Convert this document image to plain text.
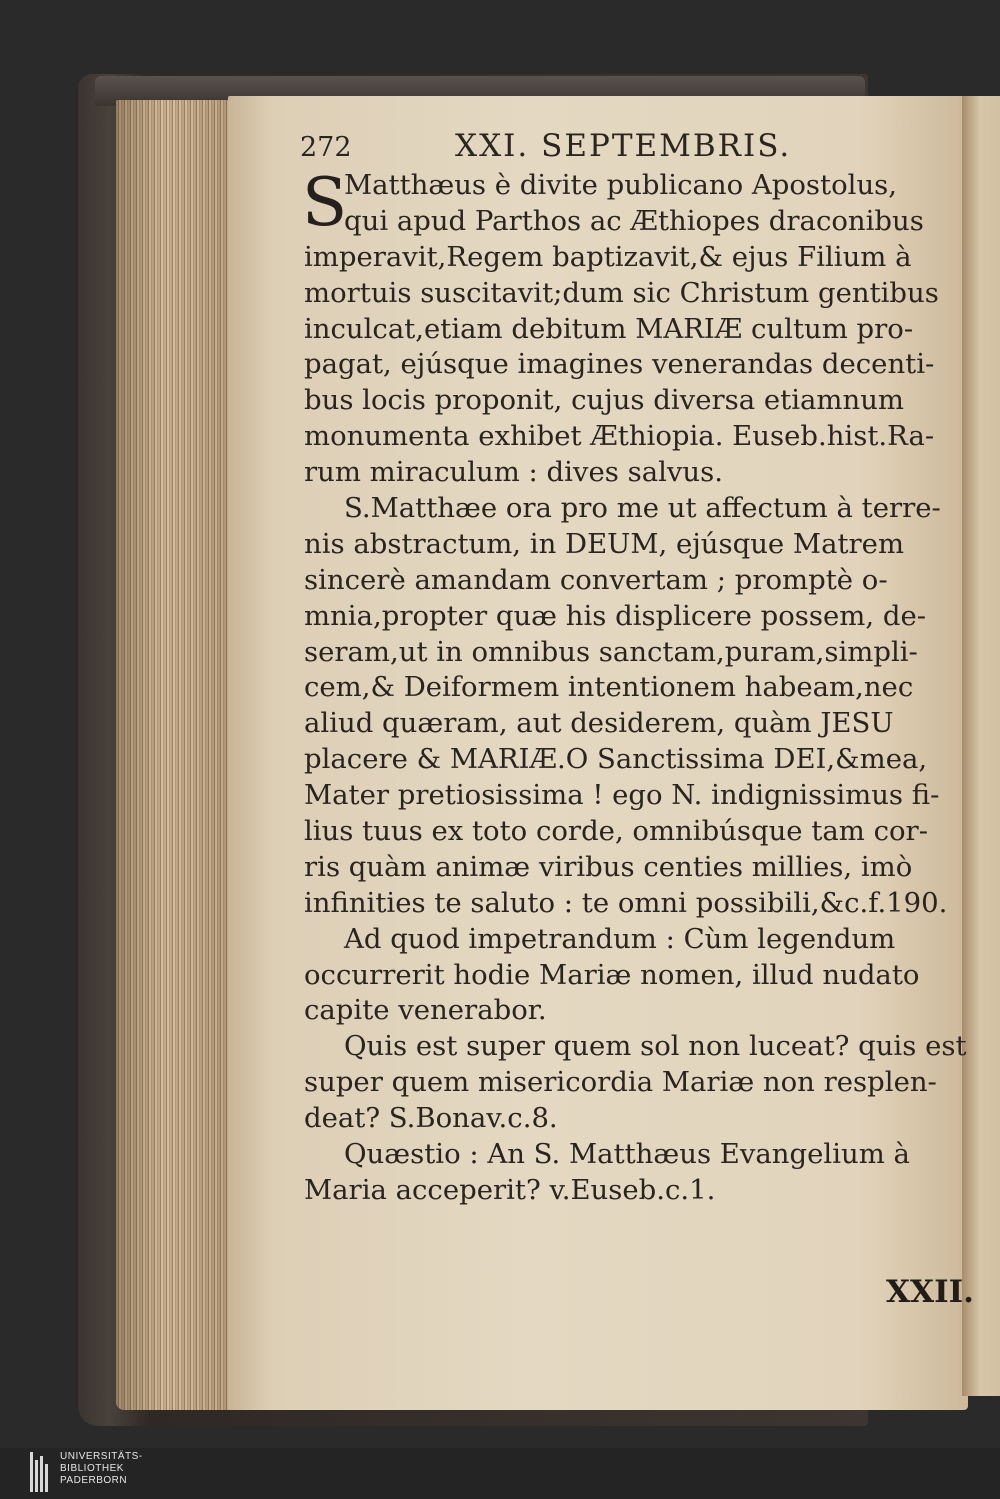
272	XXI. SEPTEMBRIS.
S
Matthæus è divite publicano Apostolus,
qui apud Parthos ac Æthiopes draconibus
imperavit,Regem baptizavit,& ejus Filium à
mortuis suscitavit;dum sic Christum gentibus
inculcat,etiam debitum MARIÆ cultum pro-
pagat, ejúsque imagines venerandas decenti-
bus locis proponit, cujus diversa etiamnum
monumenta exhibet Æthiopia. Euseb.hist.Ra-
rum miraculum : dives salvus.
S.Matthæe ora pro me ut affectum à terre-
nis abstractum, in DEUM, ejúsque Matrem
sincerè amandam convertam ; promptè o-
mnia,propter quæ his displicere possem, de-
seram,ut in omnibus sanctam,puram,simpli-
cem,& Deiformem intentionem habeam,nec
aliud quæram, aut desiderem, quàm JESU
placere & MARIÆ.O Sanctissima DEI,&mea,
Mater pretiosissima ! ego N. indignissimus fi-
lius tuus ex toto corde, omnibúsque tam cor-
ris quàm animæ viribus centies millies, imò
infinities te saluto : te omni possibili,&c.f.190.
Ad quod impetrandum : Cùm legendum
occurrerit hodie Mariæ nomen, illud nudato
capite venerabor.
Quis est super quem sol non luceat? quis est
super quem misericordia Mariæ non resplen-
deat? S.Bonav.c.8.
Quæstio : An S. Matthæus Evangelium à
Maria acceperit? v.Euseb.c.1.
XXII.
UNIVERSITÄTS-
BIBLIOTHEK
PADERBORN
